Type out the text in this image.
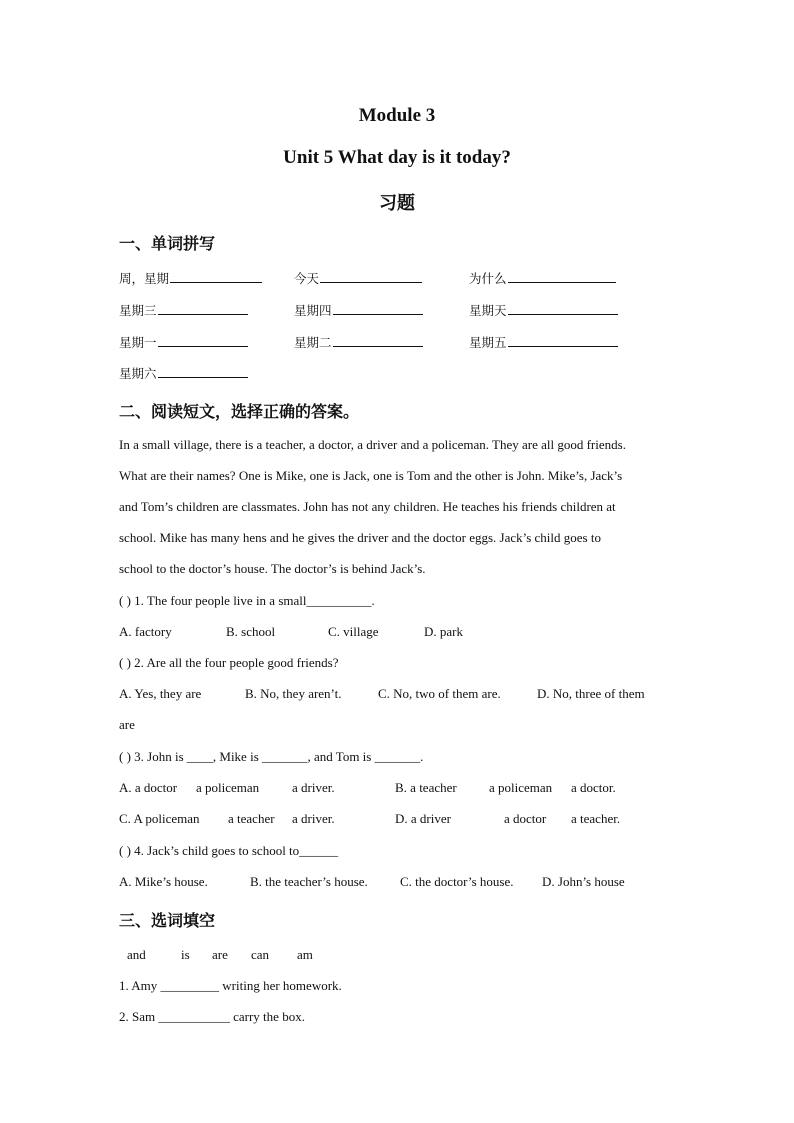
Module 3
Unit 5 What day is it today?
习题
一、单词拼写
周，星期	今天	为什么
星期三	星期四	星期天
星期一	星期二	星期五
星期六
二、阅读短文，选择正确的答案。
In a small village, there is a teacher, a doctor, a driver and a policeman. They are all good friends.
What are their names? One is Mike, one is Jack, one is Tom and the other is John. Mike’s, Jack’s
and Tom’s children are classmates. John has not any children. He teaches his friends children at
school. Mike has many hens and he gives the driver and the doctor eggs. Jack’s child goes to
school to the doctor’s house. The doctor’s is behind Jack’s.
( ) 1. The four people live in a small__________.
A. factory	B. school	C. village	D. park
( ) 2. Are all the four people good friends?
A. Yes, they are	B. No, they aren’t.	C. No, two of them are.	D. No, three of them
are
( ) 3. John is ____, Mike is _______, and Tom is _______.
A. a doctor a policeman	a driver.	B. a teacher a policeman a doctor.
C. A policeman a teacher a driver.	D. a driver	a doctor a teacher.
( ) 4. Jack’s child goes to school to______
A. Mike’s house.	B. the teacher’s house. C. the doctor’s house. D. John’s house
三、选词填空
and	is are can am
1. Amy _________ writing her homework.
2. Sam ___________ carry the box.
